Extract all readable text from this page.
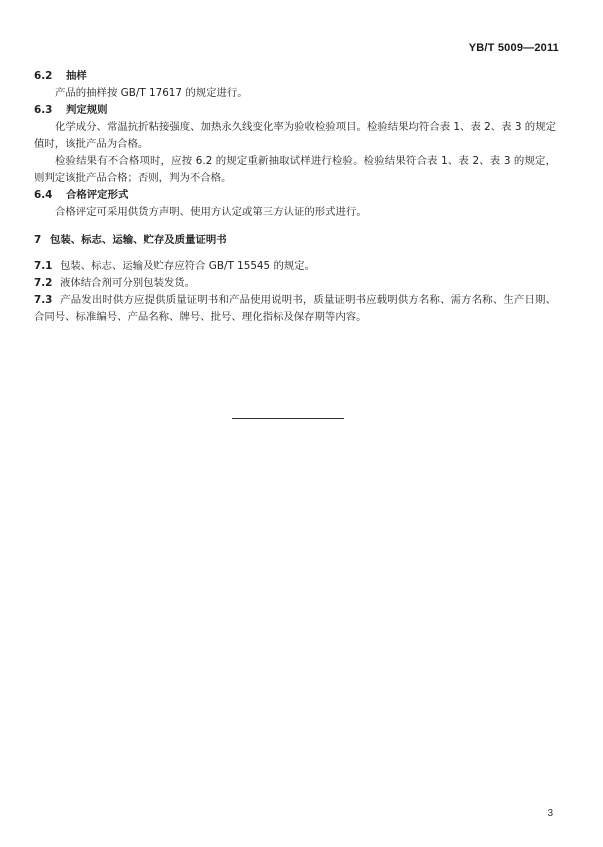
YB/T 5009—2011
6.2 抽样
产品的抽样按 GB/T 17617 的规定进行。
6.3 判定规则
化学成分、常温抗折粘接强度、加热永久线变化率为验收检验项目。检验结果均符合表 1、表 2、表 3 的规定值时，该批产品为合格。
检验结果有不合格项时，应按 6.2 的规定重新抽取试样进行检验。检验结果符合表 1、表 2、表 3 的规定，则判定该批产品合格；否则，判为不合格。
6.4 合格评定形式
合格评定可采用供货方声明、使用方认定或第三方认证的形式进行。
7 包装、标志、运输、贮存及质量证明书
7.1 包装、标志、运输及贮存应符合 GB/T 15545 的规定。
7.2 液体结合剂可分别包装发货。
7.3 产品发出时供方应提供质量证明书和产品使用说明书，质量证明书应载明供方名称、需方名称、生产日期、合同号、标准编号、产品名称、牌号、批号、理化指标及保存期等内容。
3
